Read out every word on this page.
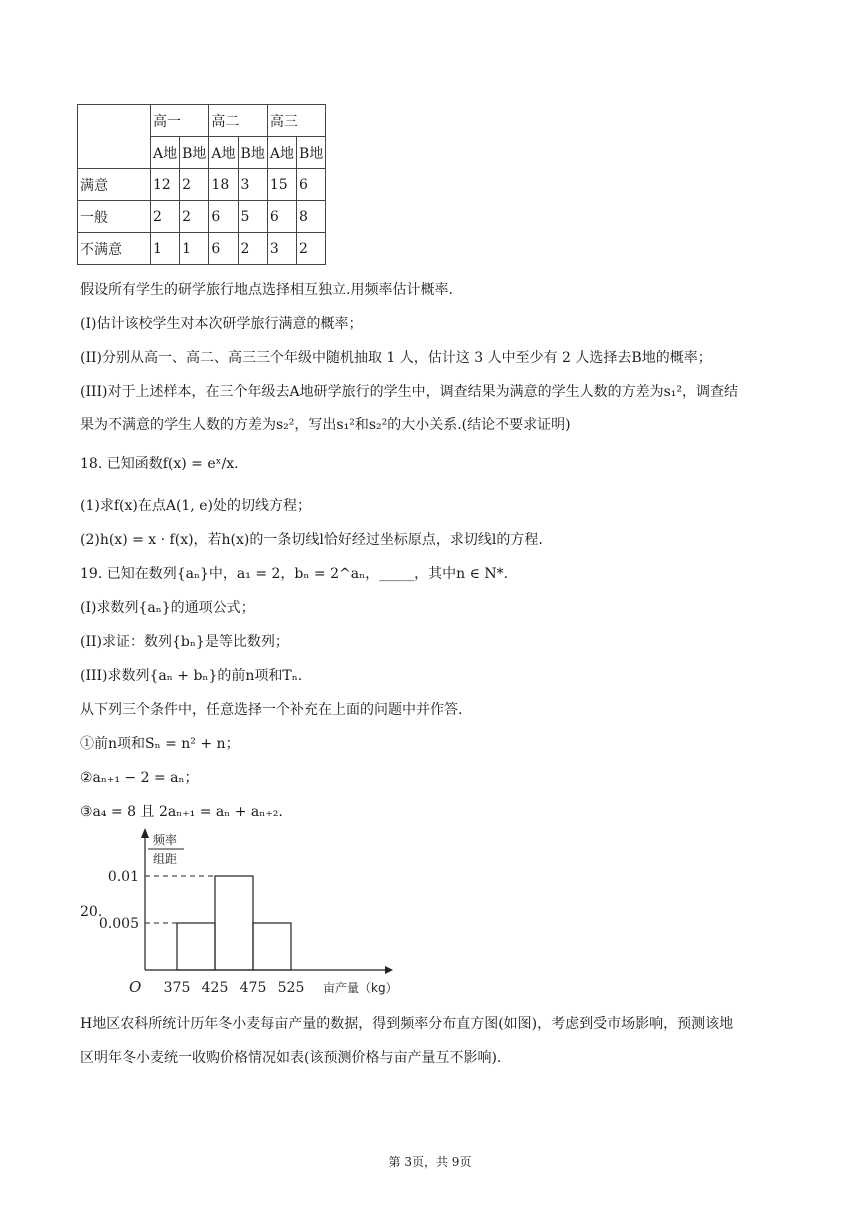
	高一		高二		高三	
	A地	B地	A地	B地	A地	B地
满意	12	2	18	3	15	6
一般	2	2	6	5	6	8
不满意	1	1	6	2	3	2
假设所有学生的研学旅行地点选择相互独立.用频率估计概率.
(I)估计该校学生对本次研学旅行满意的概率；
(II)分别从高一、高二、高三三个年级中随机抽取 1 人，估计这 3 人中至少有 2 人选择去B地的概率；
(III)对于上述样本，在三个年级去A地研学旅行的学生中，调查结果为满意的学生人数的方差为s₁²，调查结
果为不满意的学生人数的方差为s₂²，写出s₁²和s₂²的大小关系.(结论不要求证明)
18. 已知函数f(x) = eˣ/x.
(1)求f(x)在点A(1, e)处的切线方程；
(2)h(x) = x · f(x)，若h(x)的一条切线l恰好经过坐标原点，求切线l的方程.
19. 已知在数列{aₙ}中，a₁ = 2，bₙ = 2^aₙ，_____，其中n ∈ N*.
(I)求数列{aₙ}的通项公式；
(II)求证：数列{bₙ}是等比数列；
(III)求数列{aₙ + bₙ}的前n项和Tₙ.
从下列三个条件中，任意选择一个补充在上面的问题中并作答.
①前n项和Sₙ = n² + n；
②aₙ₊₁ − 2 = aₙ；
③a₄ = 8 且 2aₙ₊₁ = aₙ + aₙ₊₂.
20.
频率
组距
0.01
0.005
375 425 475 525
O	亩产量（kg）
H地区农科所统计历年冬小麦每亩产量的数据，得到频率分布直方图(如图)，考虑到受市场影响，预测该地
区明年冬小麦统一收购价格情况如表(该预测价格与亩产量互不影响).
第 3页，共 9页
